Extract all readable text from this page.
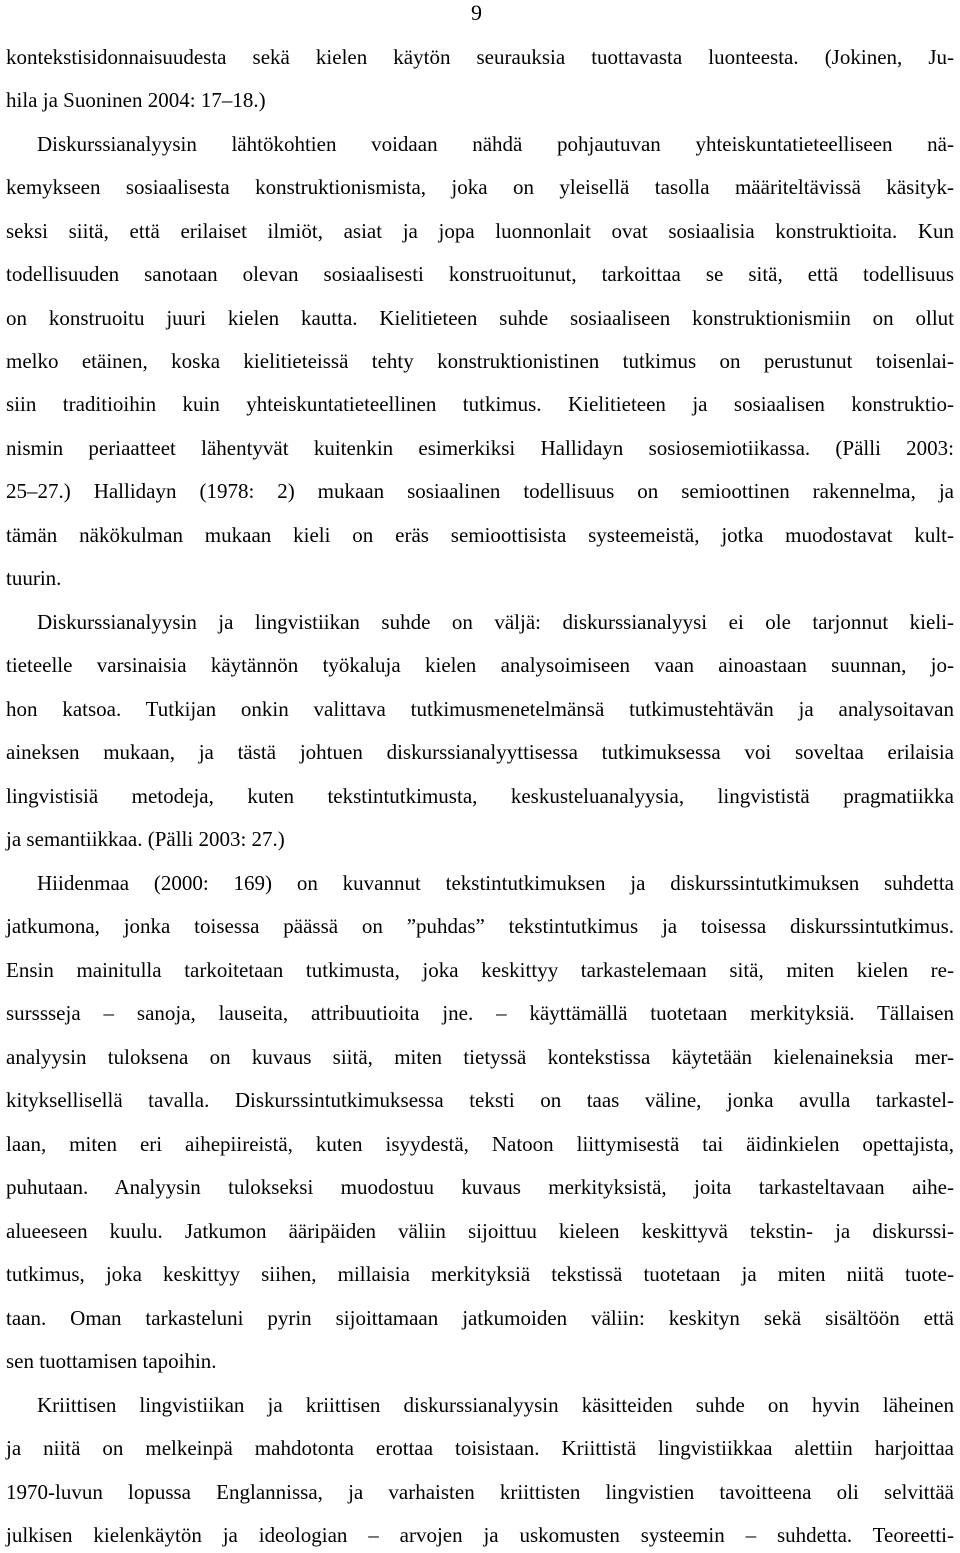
9
kontekstisidonnaisuudesta sekä kielen käytön seurauksia tuottavasta luonteesta. (Jokinen, Ju-
hila ja Suoninen 2004: 17–18.)
Diskurssianalyysin lähtökohtien voidaan nähdä pohjautuvan yhteiskuntatieteelliseen nä-
kemykseen sosiaalisesta konstruktionismista, joka on yleisellä tasolla määriteltävissä käsityk-
seksi siitä, että erilaiset ilmiöt, asiat ja jopa luonnonlait ovat sosiaalisia konstruktioita. Kun
todellisuuden sanotaan olevan sosiaalisesti konstruoitunut, tarkoittaa se sitä, että todellisuus
on konstruoitu juuri kielen kautta. Kielitieteen suhde sosiaaliseen konstruktionismiin on ollut
melko etäinen, koska kielitieteissä tehty konstruktionistinen tutkimus on perustunut toisenlai-
siin traditioihin kuin yhteiskuntatieteellinen tutkimus. Kielitieteen ja sosiaalisen konstruktio-
nismin periaatteet lähentyvät kuitenkin esimerkiksi Hallidayn sosiosemiotiikassa. (Pälli 2003:
25–27.) Hallidayn (1978: 2) mukaan sosiaalinen todellisuus on semioottinen rakennelma, ja
tämän näkökulman mukaan kieli on eräs semioottisista systeemeistä, jotka muodostavat kult-
tuurin.
Diskurssianalyysin ja lingvistiikan suhde on väljä: diskurssianalyysi ei ole tarjonnut kieli-
tieteelle varsinaisia käytännön työkaluja kielen analysoimiseen vaan ainoastaan suunnan, jo-
hon katsoa. Tutkijan onkin valittava tutkimusmenetelmänsä tutkimustehtävän ja analysoitavan
aineksen mukaan, ja tästä johtuen diskurssianalyyttisessa tutkimuksessa voi soveltaa erilaisia
lingvistisiä metodeja, kuten tekstintutkimusta, keskusteluanalyysia, lingvististä pragmatiikka
ja semantiikkaa. (Pälli 2003: 27.)
Hiidenmaa (2000: 169) on kuvannut tekstintutkimuksen ja diskurssintutkimuksen suhdetta
jatkumona, jonka toisessa päässä on ”puhdas” tekstintutkimus ja toisessa diskurssintutkimus.
Ensin mainitulla tarkoitetaan tutkimusta, joka keskittyy tarkastelemaan sitä, miten kielen re-
surssseja – sanoja, lauseita, attribuutioita jne. – käyttämällä tuotetaan merkityksiä. Tällaisen
analyysin tuloksena on kuvaus siitä, miten tietyssä kontekstissa käytetään kielenaineksia mer-
kityksellisellä tavalla. Diskurssintutkimuksessa teksti on taas väline, jonka avulla tarkastel-
laan, miten eri aihepiireistä, kuten isyydestä, Natoon liittymisestä tai äidinkielen opettajista,
puhutaan. Analyysin tulokseksi muodostuu kuvaus merkityksistä, joita tarkasteltavaan aihe-
alueeseen kuulu. Jatkumon ääripäiden väliin sijoittuu kieleen keskittyvä tekstin- ja diskurssi-
tutkimus, joka keskittyy siihen, millaisia merkityksiä tekstissä tuotetaan ja miten niitä tuote-
taan. Oman tarkasteluni pyrin sijoittamaan jatkumoiden väliin: keskityn sekä sisältöön että
sen tuottamisen tapoihin.
Kriittisen lingvistiikan ja kriittisen diskurssianalyysin käsitteiden suhde on hyvin läheinen
ja niitä on melkeinpä mahdotonta erottaa toisistaan. Kriittistä lingvistiikkaa alettiin harjoittaa
1970-luvun lopussa Englannissa, ja varhaisten kriittisten lingvistien tavoitteena oli selvittää
julkisen kielenkäytön ja ideologian – arvojen ja uskomusten systeemin – suhdetta. Teoreetti-
